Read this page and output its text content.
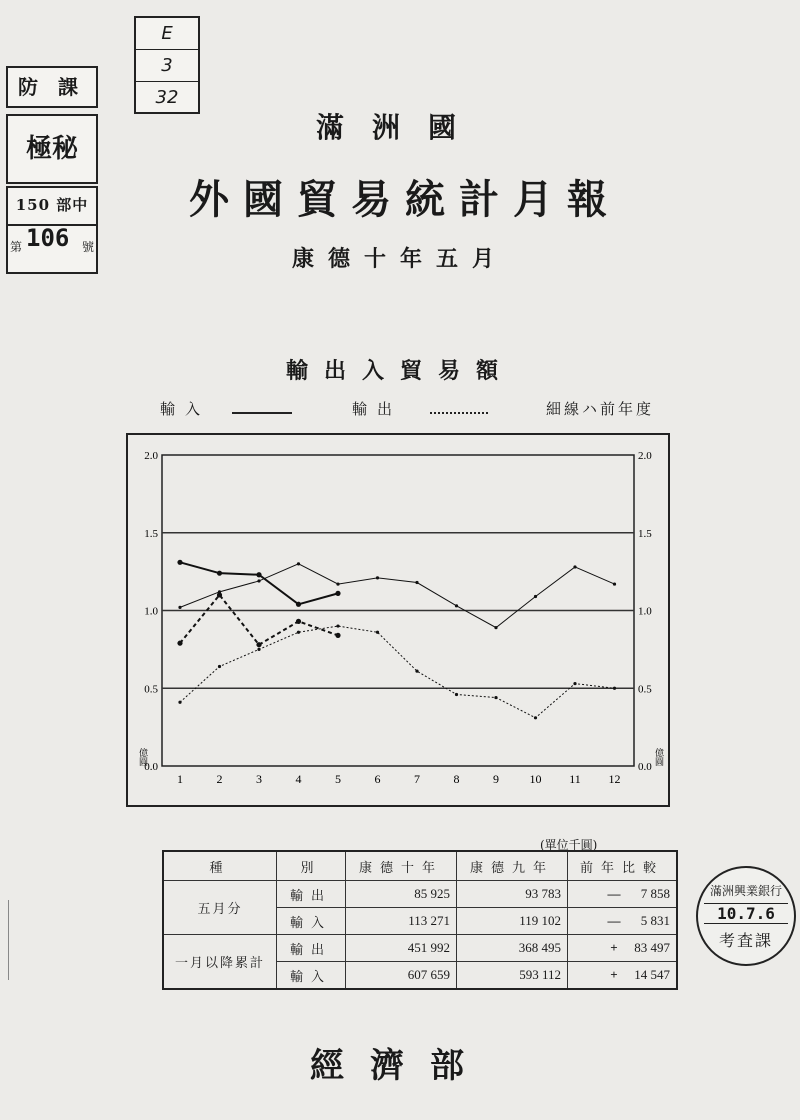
防 課
極秘
150 部中
第 106 號
E
3
32
滿洲國
外國貿易統計月報
康德十年五月
輸出入貿易額
輸入	輸出	細線ハ前年度
0.0	0.0
0.5	0.5
1.0	1.0
1.5	1.5
2.0	2.0
1	2	3	4	5	6	7	8	9	10 11 12
億圓	億圓
(單位千圓)
種	別	康德十年	康德九年	前年比較
五月分	輸出	85 925	93 783	— 7 858
	輸入	113 271	119 102	— 5 831
一月以降累計	輸出	451 992	368 495	+ 83 497
	輸入	607 659	593 112	+ 14 547
滿洲興業銀行
10.7.6
考査課
經濟部
